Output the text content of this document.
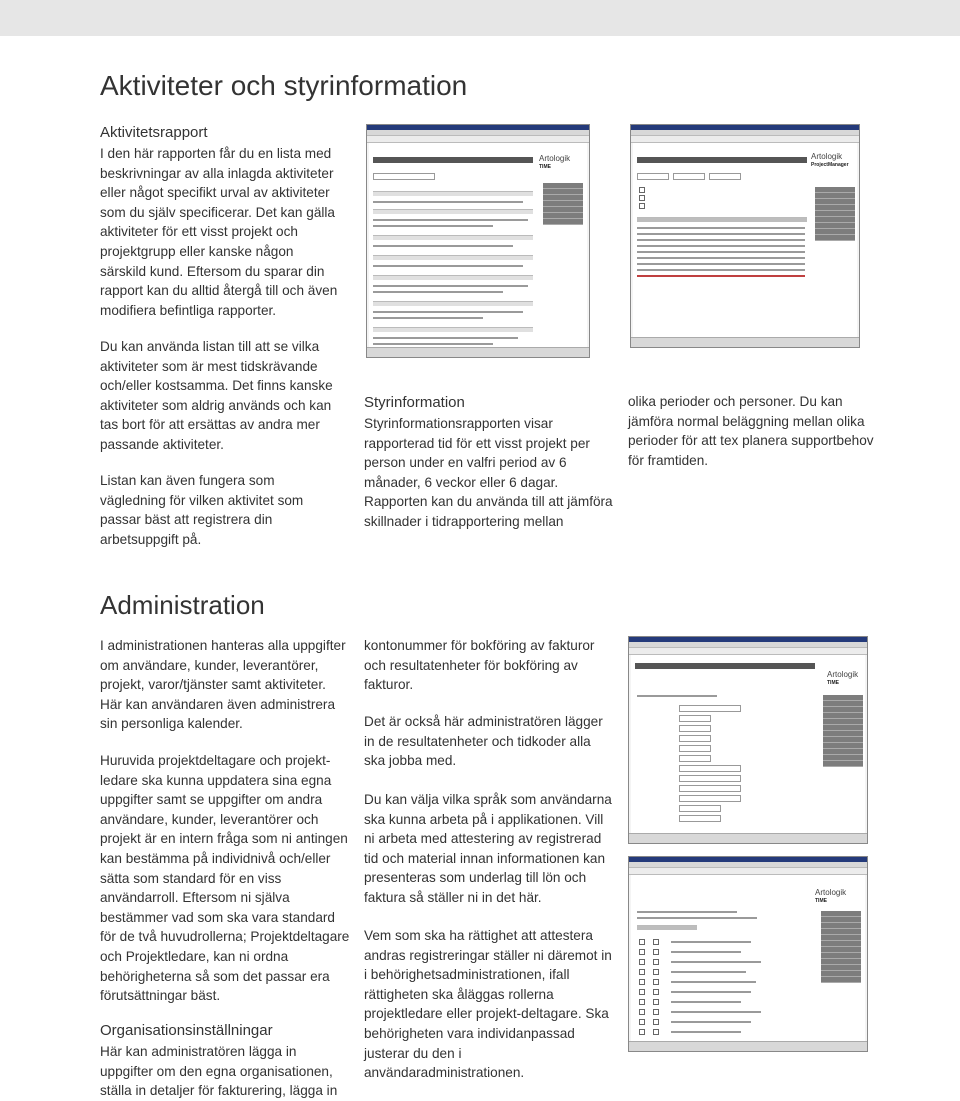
Aktiviteter och styrinformation
Aktivitetsrapport

I den här rapporten får du en lista med beskrivningar av alla inlagda aktiviteter eller något specifikt urval av aktiviteter som du själv specificerar. Det kan gälla aktiviteter för ett visst projekt och projektgrupp eller kanske någon särskild kund. Eftersom du sparar din rapport kan du alltid återgå till och även modifiera befintliga rapporter.

Du kan använda listan till att se vilka aktiviteter som är mest tidskrävande och/eller kostsamma. Det finns kanske aktiviteter som aldrig används och kan tas bort för att ersättas av andra mer passande aktiviteter.

Listan kan även fungera som vägledning för vilken aktivitet som passar bäst att registrera din arbetsuppgift på.

Artologik
TIME
Artologik
ProjectManager
Styrinformation

Styrinformationsrapporten visar rapporterad tid för ett visst projekt per person under en valfri period av 6 månader, 6 veckor eller 6 dagar. Rapporten kan du använda till att jämföra skillnader i tidrapportering mellan

olika perioder och personer. Du kan jämföra normal beläggning mellan olika perioder för att tex planera supportbehov för framtiden.

Administration

I administrationen hanteras alla uppgifter om användare, kunder, leverantörer, projekt, varor/tjänster samt aktiviteter. Här kan användaren även administrera sin personliga kalender.

Huruvida projektdeltagare och projekt-ledare ska kunna uppdatera sina egna uppgifter samt se uppgifter om andra användare, kunder, leverantörer och projekt är en intern fråga som ni antingen kan bestämma på individnivå och/eller sätta som standard för en viss användarroll. Eftersom ni själva bestämmer vad som ska vara standard för de två huvudrollerna; Projektdeltagare och Projektledare, kan ni ordna behörigheterna så som det passar era förutsättningar bäst.

Organisationsinställningar

Här kan administratören lägga in uppgifter om den egna organisationen, ställa in detaljer för fakturering, lägga in

kontonummer för bokföring av fakturor och resultatenheter för bokföring av fakturor.

Det är också här administratören lägger in de resultatenheter och tidkoder alla ska jobba med.

Du kan välja vilka språk som användarna ska kunna arbeta på i applikationen. Vill ni arbeta med attestering av registrerad tid och material innan informationen kan presenteras som underlag till lön och faktura så ställer ni in det här.

Vem som ska ha rättighet att attestera andras registreringar ställer ni däremot in i behörighetsadministrationen, ifall rättigheten ska åläggas rollerna projektledare eller projekt-deltagare. Ska behörigheten vara individanpassad justerar du den i användaradministrationen.

Artologik
TIME
Artologik
TIME
